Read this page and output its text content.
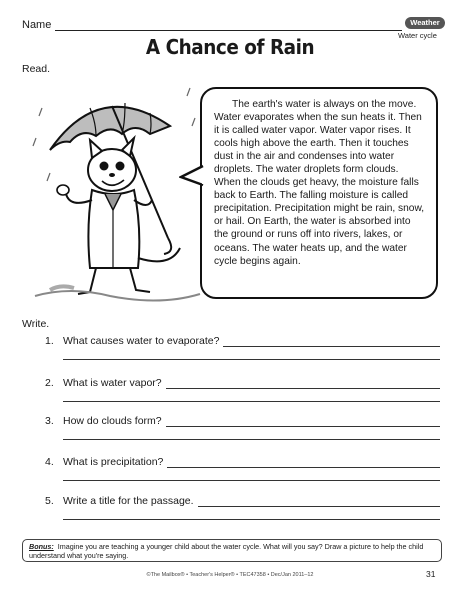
Name	Weather
Water cycle
A Chance of Rain
Read.
The earth's water is always on the move. Water evaporates when the sun heats it. Then it is called water vapor. Water vapor rises. It cools high above the earth. Then it touches dust in the air and condenses into water droplets. The water droplets form clouds. When the clouds get heavy, the moisture falls back to Earth. The falling moisture is called precipitation. Precipitation might be rain, snow, or hail. On Earth, the water is absorbed into the ground or runs off into rivers, lakes, or oceans. The water heats up, and the water cycle begins again.
Write.
1. What causes water to evaporate?
2. What is water vapor?
3. How do clouds form?
4. What is precipitation?
5. Write a title for the passage.
Bonus: Imagine you are teaching a younger child about the water cycle. What will you say? Draw a picture to help the child understand what you're saying.
©The Mailbox® • Teacher's Helper® • TEC47358 • Dec/Jan 2011–12	31
